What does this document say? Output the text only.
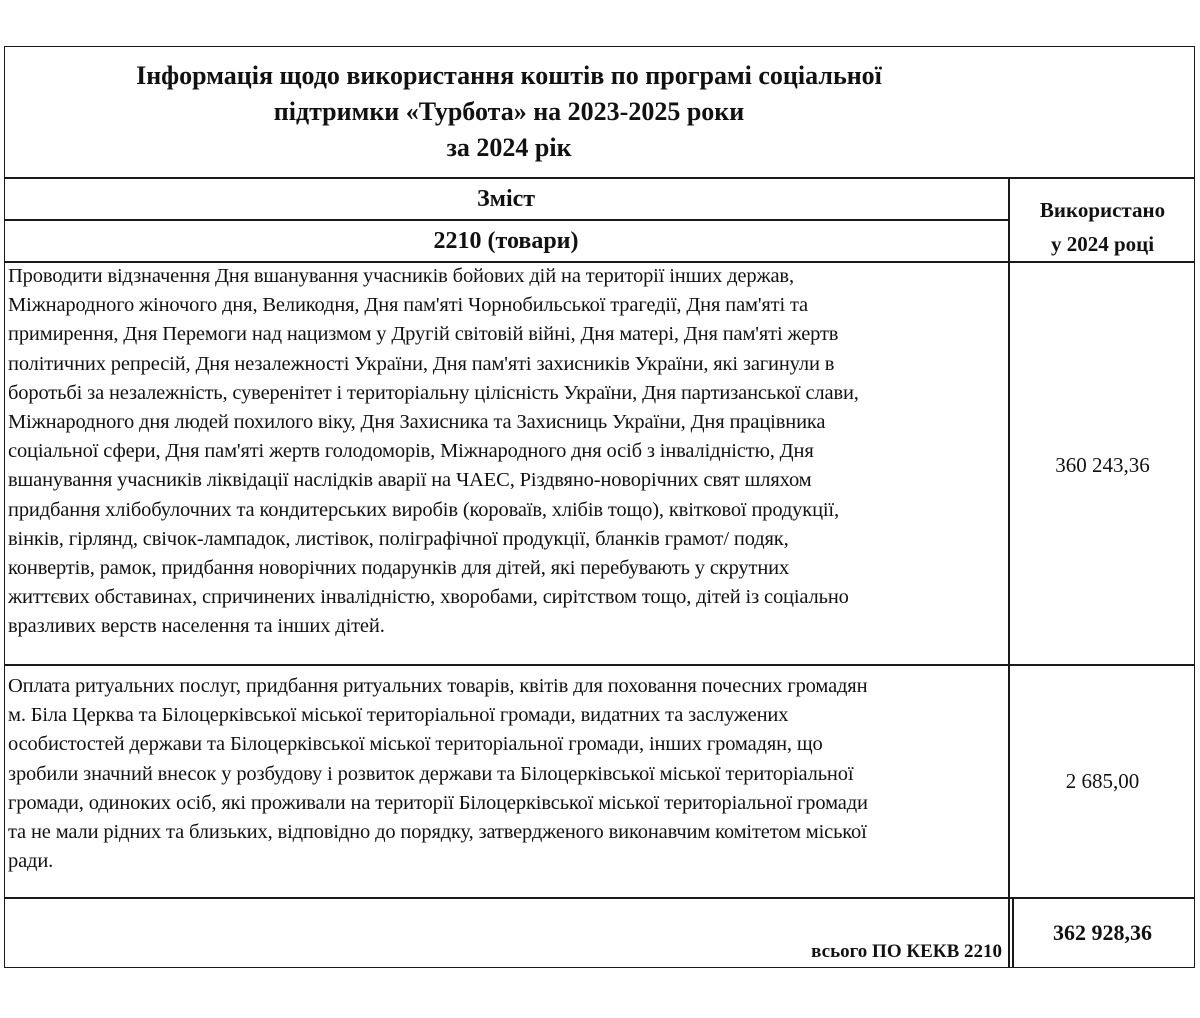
Інформація щодо використання коштів по програмі соціальної
підтримки «Турбота» на 2023-2025 роки
за 2024 рік
Зміст
2210 (товари)
Використано
у 2024 році
Проводити відзначення Дня вшанування учасників бойових дій на території інших держав,
Міжнародного жіночого дня, Великодня, Дня пам'яті Чорнобильської трагедії, Дня пам'яті та
примирення, Дня Перемоги над нацизмом у Другій світовій війні, Дня матері, Дня пам'яті жертв
політичних репресій, Дня незалежності України, Дня пам'яті захисників України, які загинули в
боротьбі за незалежність, суверенітет і територіальну цілісність України, Дня партизанської слави,
Міжнародного дня людей похилого віку, Дня Захисника та Захисниць України, Дня працівника
соціальної сфери, Дня пам'яті жертв голодоморів, Міжнародного дня осіб з інвалідністю, Дня
вшанування учасників ліквідації наслідків аварії на ЧАЕС, Різдвяно-новорічних свят шляхом
придбання хлібобулочних та кондитерських виробів (короваїв, хлібів тощо), квіткової продукції,
вінків, гірлянд, свічок-лампадок, листівок, поліграфічної продукції, бланків грамот/ подяк,
конвертів, рамок, придбання новорічних подарунків для дітей, які перебувають у скрутних
життєвих обставинах, спричинених інвалідністю, хворобами, сирітством тощо, дітей із соціально
вразливих верств населення та інших дітей.
360 243,36
Оплата ритуальних послуг, придбання ритуальних товарів, квітів для поховання почесних громадян
м. Біла Церква та Білоцерківської міської територіальної громади, видатних та заслужених
особистостей держави та Білоцерківської міської територіальної громади, інших громадян, що
зробили значний внесок у розбудову і розвиток держави та Білоцерківської міської територіальної
громади, одиноких осіб, які проживали на території Білоцерківської міської територіальної громади
та не мали рідних та близьких, відповідно до порядку, затвердженого виконавчим комітетом міської
ради.
2 685,00
всього ПО КЕКВ 2210
362 928,36
